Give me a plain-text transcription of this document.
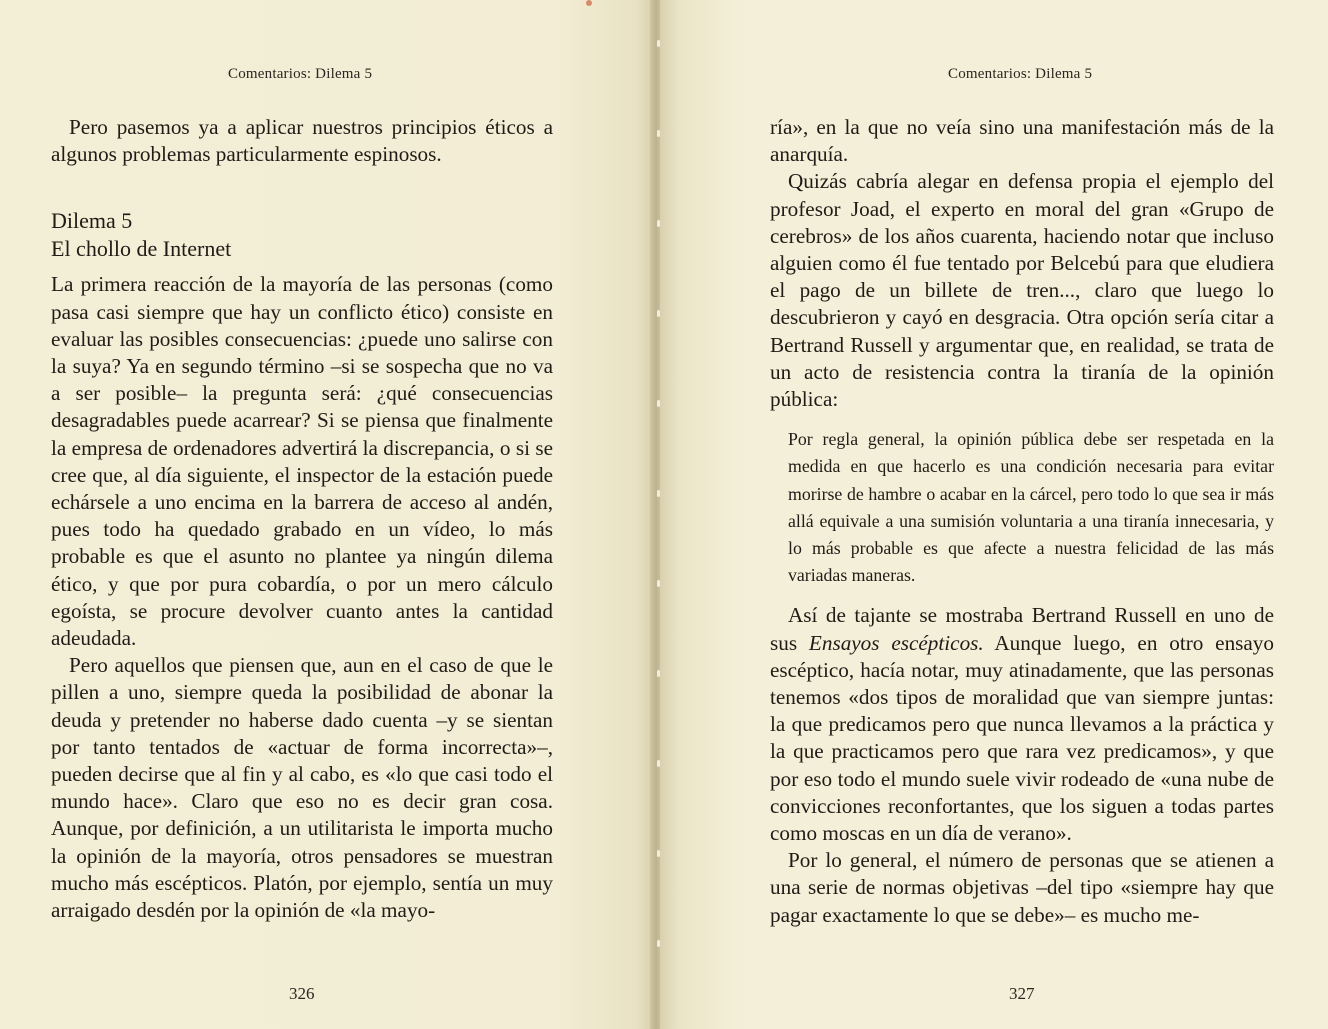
Comentarios: Dilema 5

Pero pasemos ya a aplicar nuestros principios éticos a algunos problemas particularmente espinosos.

Dilema 5
El chollo de Internet

La primera reacción de la mayoría de las personas (como pasa casi siempre que hay un conflicto ético) consiste en evaluar las posibles consecuencias: ¿puede uno salirse con la suya? Ya en segundo término –si se sospecha que no va a ser posible– la pregunta será: ¿qué consecuencias desagradables puede acarrear? Si se piensa que finalmente la empresa de ordenadores advertirá la discrepancia, o si se cree que, al día siguiente, el inspector de la estación puede echársele a uno encima en la barrera de acceso al andén, pues todo ha quedado grabado en un vídeo, lo más probable es que el asunto no plantee ya ningún dilema ético, y que por pura cobardía, o por un mero cálculo egoísta, se procure devolver cuanto antes la cantidad adeudada.

Pero aquellos que piensen que, aun en el caso de que le pillen a uno, siempre queda la posibilidad de abonar la deuda y pretender no haberse dado cuenta –y se sientan por tanto tentados de «actuar de forma incorrecta»–, pueden decirse que al fin y al cabo, es «lo que casi todo el mundo hace». Claro que eso no es decir gran cosa. Aunque, por definición, a un utilitarista le importa mucho la opinión de la mayoría, otros pensadores se muestran mucho más escépticos. Platón, por ejemplo, sentía un muy arraigado desdén por la opinión de «la mayo-

326
Comentarios: Dilema 5

ría», en la que no veía sino una manifestación más de la anarquía.

Quizás cabría alegar en defensa propia el ejemplo del profesor Joad, el experto en moral del gran «Grupo de cerebros» de los años cuarenta, haciendo notar que incluso alguien como él fue tentado por Belcebú para que eludiera el pago de un billete de tren..., claro que luego lo descubrieron y cayó en desgracia. Otra opción sería citar a Bertrand Russell y argumentar que, en realidad, se trata de un acto de resistencia contra la tiranía de la opinión pública:

Por regla general, la opinión pública debe ser respetada en la medida en que hacerlo es una condición necesaria para evitar morirse de hambre o acabar en la cárcel, pero todo lo que sea ir más allá equivale a una sumisión voluntaria a una tiranía innecesaria, y lo más probable es que afecte a nuestra felicidad de las más variadas maneras.

Así de tajante se mostraba Bertrand Russell en uno de sus Ensayos escépticos. Aunque luego, en otro ensayo escéptico, hacía notar, muy atinadamente, que las personas tenemos «dos tipos de moralidad que van siempre juntas: la que predicamos pero que nunca llevamos a la práctica y la que practicamos pero que rara vez predicamos», y que por eso todo el mundo suele vivir rodeado de «una nube de convicciones reconfortantes, que los siguen a todas partes como moscas en un día de verano».

Por lo general, el número de personas que se atienen a una serie de normas objetivas –del tipo «siempre hay que pagar exactamente lo que se debe»– es mucho me-

327
